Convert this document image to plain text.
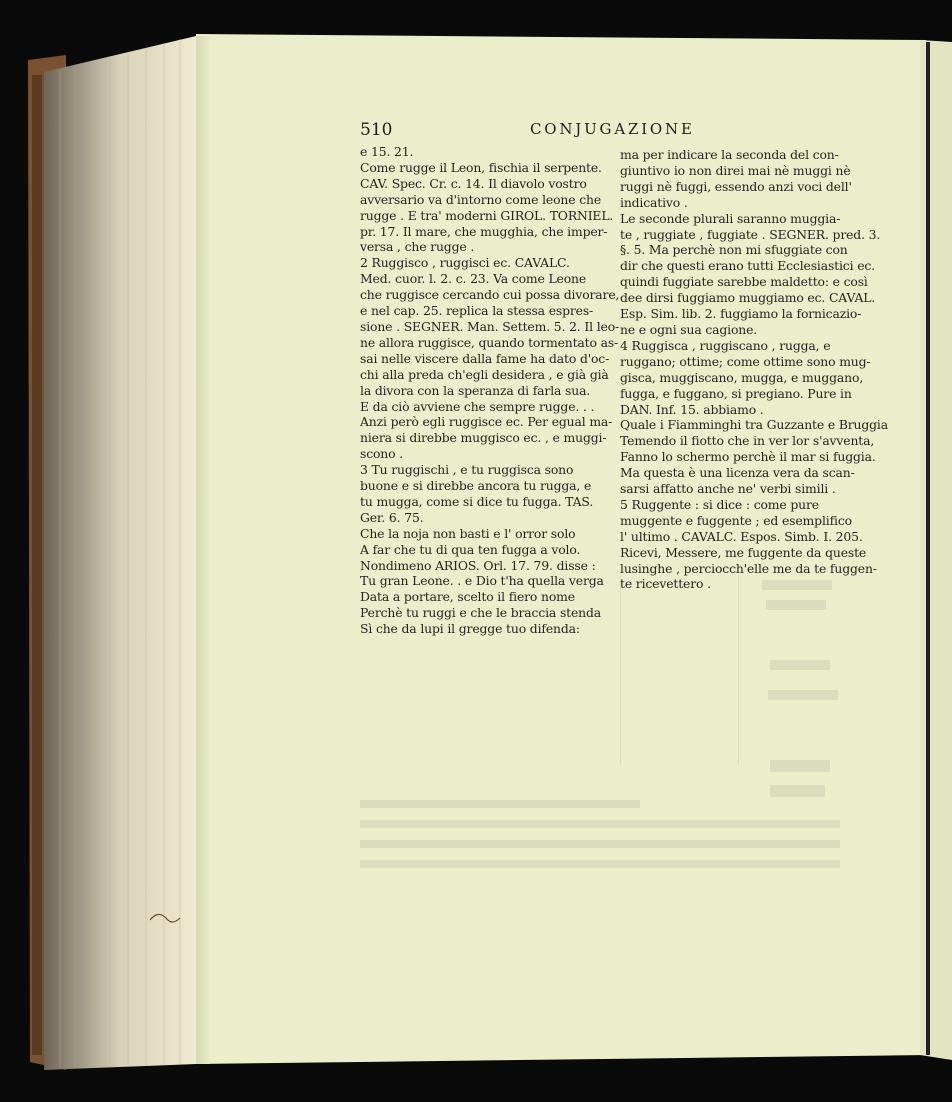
510	CONJUGAZIONE
e 15. 21.
Come rugge il Leon, fischia il serpente.
CAV. Spec. Cr. c. 14. Il diavolo vostro
avversario va d'intorno come leone che
rugge . E tra' moderni GIROL. TORNIEL.
pr. 17. Il mare, che mugghia, che imper-
versa , che rugge .
2 Ruggisco , ruggisci ec. CAVALC.
Med. cuor. l. 2. c. 23. Va come Leone
che ruggisce cercando cui possa divorare,
e nel cap. 25. replica la stessa espres-
sione . SEGNER. Man. Settem. 5. 2. Il leo-
ne allora ruggisce, quando tormentato as-
sai nelle viscere dalla fame ha dato d'oc-
chi alla preda ch'egli desidera , e già già
la divora con la speranza di farla sua.
E da ciò avviene che sempre rugge. . .
Anzi però egli ruggisce ec. Per egual ma-
niera si direbbe muggisco ec. , e muggi-
scono .
3 Tu ruggischi , e tu ruggisca sono
buone e si direbbe ancora tu rugga, e
tu mugga, come si dice tu fugga. TAS.
Ger. 6. 75.
Che la noja non basti e l' orror solo
A far che tu di qua ten fugga a volo.
Nondimeno ARIOS. Orl. 17. 79. disse :
Tu gran Leone. . e Dio t'ha quella verga
Data a portare, scelto il fiero nome
Perchè tu ruggi e che le braccia stenda
Sì che da lupi il gregge tuo difenda:
ma per indicare la seconda del con-
giuntivo io non direi mai nè muggi nè
ruggi nè fuggi, essendo anzi voci dell'
indicativo .
Le seconde plurali saranno muggia-
te , ruggiate , fuggiate . SEGNER. pred. 3.
§. 5. Ma perchè non mi sfuggiate con
dir che questi erano tutti Ecclesiastici ec.
quindi fuggiate sarebbe maldetto: e così
dee dirsi fuggiamo muggiamo ec. CAVAL.
Esp. Sim. lib. 2. fuggiamo la fornicazio-
ne e ogni sua cagione.
4 Ruggisca , ruggiscano , rugga, e
ruggano; ottime; come ottime sono mug-
gisca, muggiscano, mugga, e muggano,
fugga, e fuggano, si pregiano. Pure in
DAN. Inf. 15. abbiamo .
Quale i Fiamminghi tra Guzzante e Bruggia
Temendo il fiotto che in ver lor s'avventa,
Fanno lo schermo perchè il mar si fuggia.
Ma questa è una licenza vera da scan-
sarsi affatto anche ne' verbi simili .
5 Ruggente : si dice : come pure
muggente e fuggente ; ed esemplifico
l' ultimo . CAVALC. Espos. Simb. I. 205.
Ricevi, Messere, me fuggente da queste
lusinghe , perciocch'elle me da te fuggen-
te ricevettero .
